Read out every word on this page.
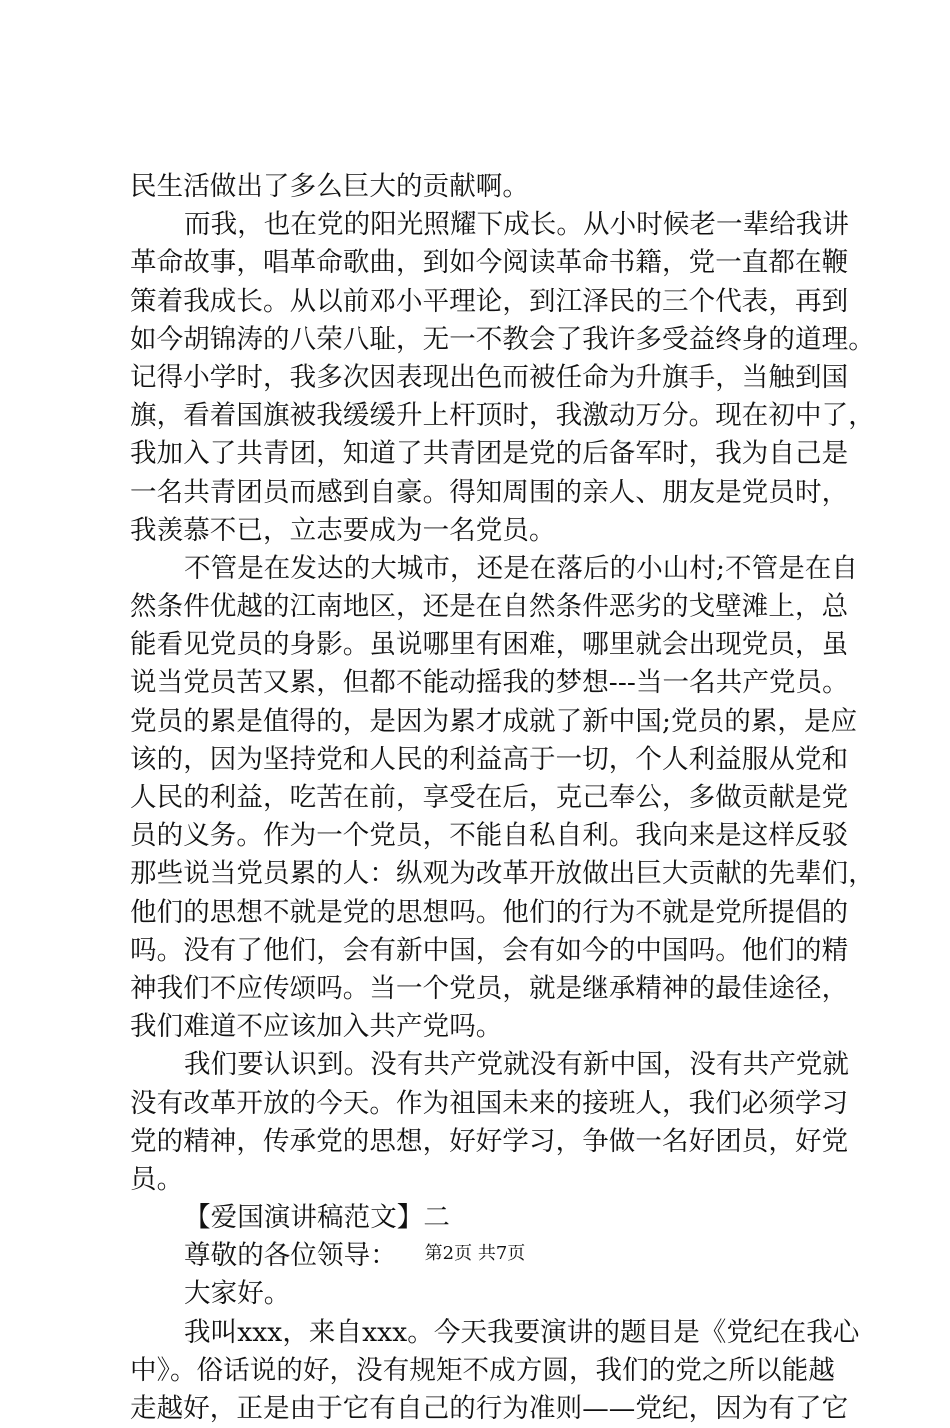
民生活做出了多么巨大的贡献啊。
而我，也在党的阳光照耀下成长。从小时候老一辈给我讲
革命故事，唱革命歌曲，到如今阅读革命书籍，党一直都在鞭
策着我成长。从以前邓小平理论，到江泽民的三个代表，再到
如今胡锦涛的八荣八耻，无一不教会了我许多受益终身的道理。
记得小学时，我多次因表现出色而被任命为升旗手，当触到国
旗，看着国旗被我缓缓升上杆顶时，我激动万分。现在初中了，
我加入了共青团，知道了共青团是党的后备军时，我为自己是
一名共青团员而感到自豪。得知周围的亲人、朋友是党员时，
我羡慕不已，立志要成为一名党员。
不管是在发达的大城市，还是在落后的小山村;不管是在自
然条件优越的江南地区，还是在自然条件恶劣的戈壁滩上，总
能看见党员的身影。虽说哪里有困难，哪里就会出现党员，虽
说当党员苦又累，但都不能动摇我的梦想---当一名共产党员。
党员的累是值得的，是因为累才成就了新中国;党员的累，是应
该的，因为坚持党和人民的利益高于一切，个人利益服从党和
人民的利益，吃苦在前，享受在后，克己奉公，多做贡献是党
员的义务。作为一个党员，不能自私自利。我向来是这样反驳
那些说当党员累的人：纵观为改革开放做出巨大贡献的先辈们，
他们的思想不就是党的思想吗。他们的行为不就是党所提倡的
吗。没有了他们，会有新中国，会有如今的中国吗。他们的精
神我们不应传颂吗。当一个党员，就是继承精神的最佳途径，
我们难道不应该加入共产党吗。
我们要认识到。没有共产党就没有新中国，没有共产党就
没有改革开放的今天。作为祖国未来的接班人，我们必须学习
党的精神，传承党的思想，好好学习，争做一名好团员，好党
员。
【爱国演讲稿范文】二
尊敬的各位领导：
大家好。
我叫xxx，来自xxx。今天我要演讲的题目是《党纪在我心
中》。俗话说的好，没有规矩不成方圆，我们的党之所以能越
走越好，正是由于它有自己的行为准则——党纪，因为有了它
第2页 共7页
